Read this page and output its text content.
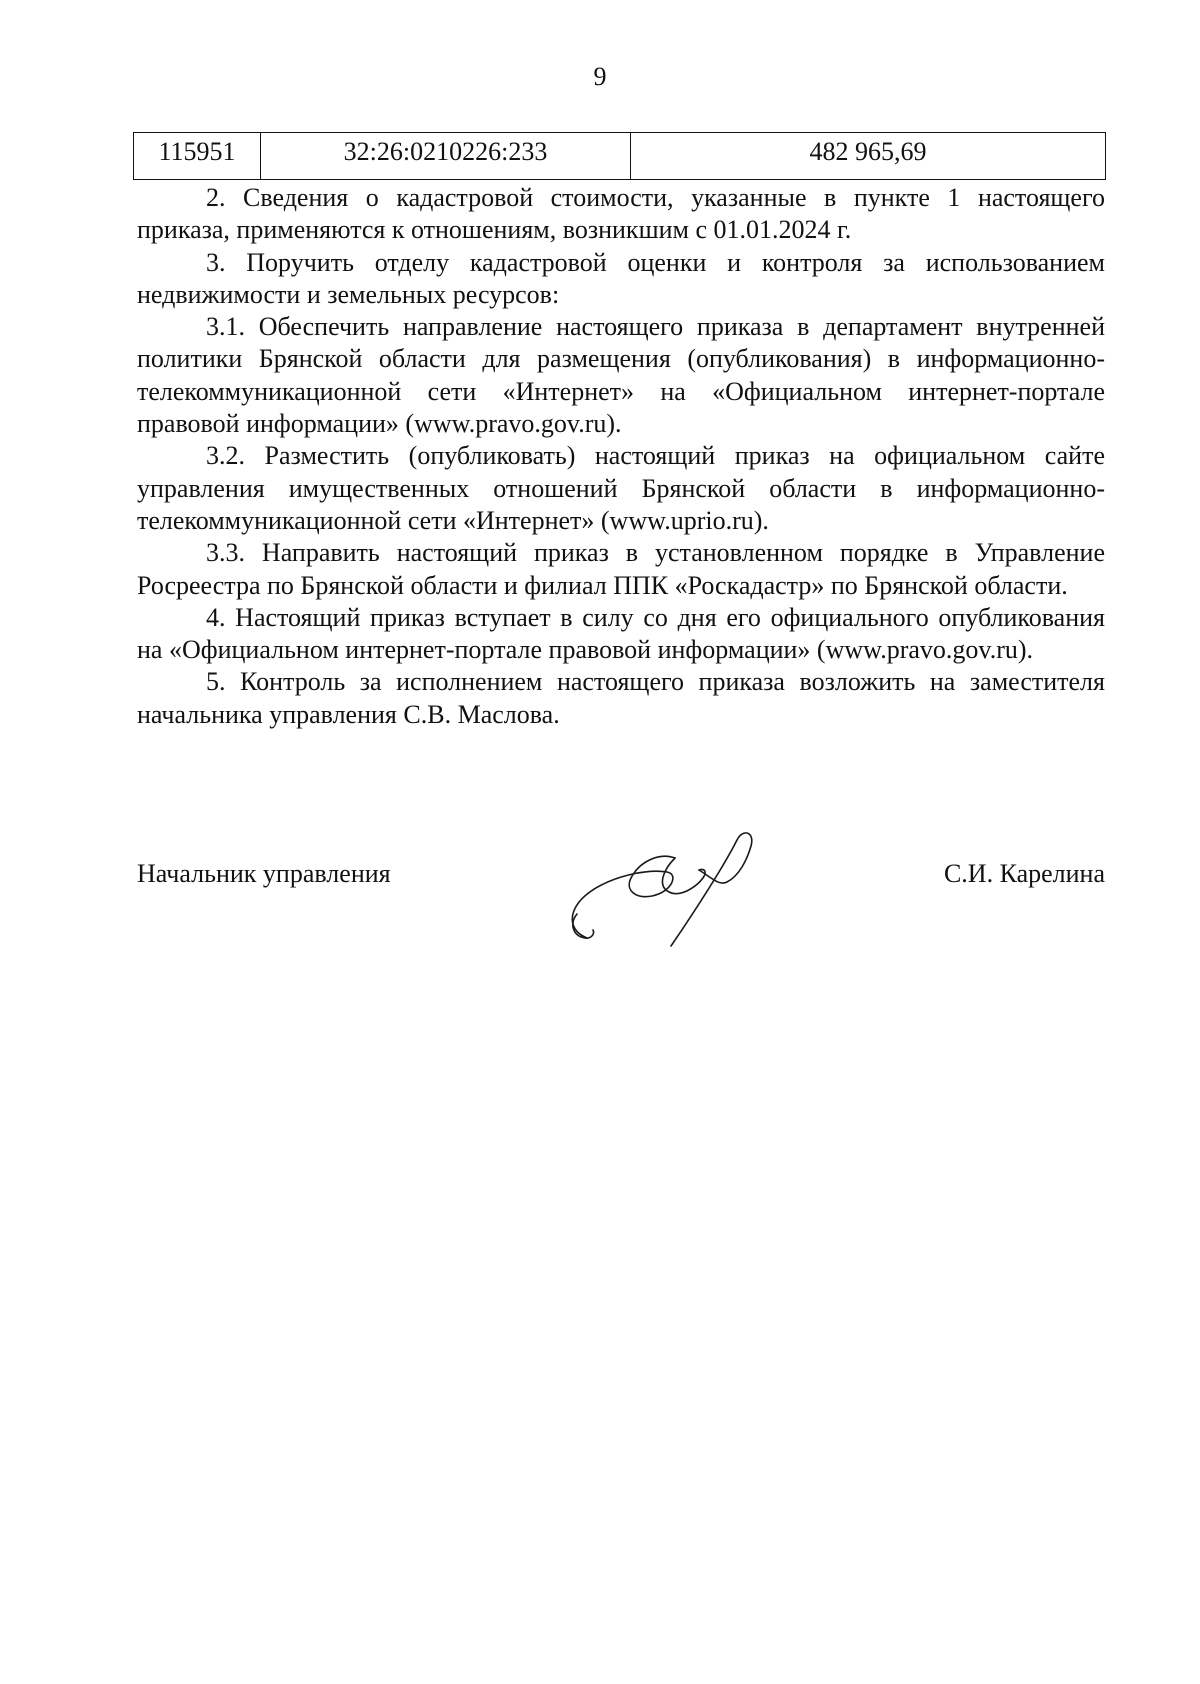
9
115951	32:26:0210226:233	482 965,69

2. Сведения о кадастровой стоимости, указанные в пункте 1 настоящего приказа, применяются к отношениям, возникшим с 01.01.2024 г.

3. Поручить отделу кадастровой оценки и контроля за использованием недвижимости и земельных ресурсов:

3.1. Обеспечить направление настоящего приказа в департамент внутренней политики Брянской области для размещения (опубликования) в информационно-телекоммуникационной сети «Интернет» на «Официальном интернет-портале правовой информации» (www.pravo.gov.ru).

3.2. Разместить (опубликовать) настоящий приказ на официальном сайте управления имущественных отношений Брянской области в информационно-телекоммуникационной сети «Интернет» (www.uprio.ru).

3.3. Направить настоящий приказ в установленном порядке в Управление Росреестра по Брянской области и филиал ППК «Роскадастр» по Брянской области.

4. Настоящий приказ вступает в силу со дня его официального опубликования на «Официальном интернет-портале правовой информации» (www.pravo.gov.ru).

5. Контроль за исполнением настоящего приказа возложить на заместителя начальника управления С.В. Маслова.

Начальник управления	С.И. Карелина
